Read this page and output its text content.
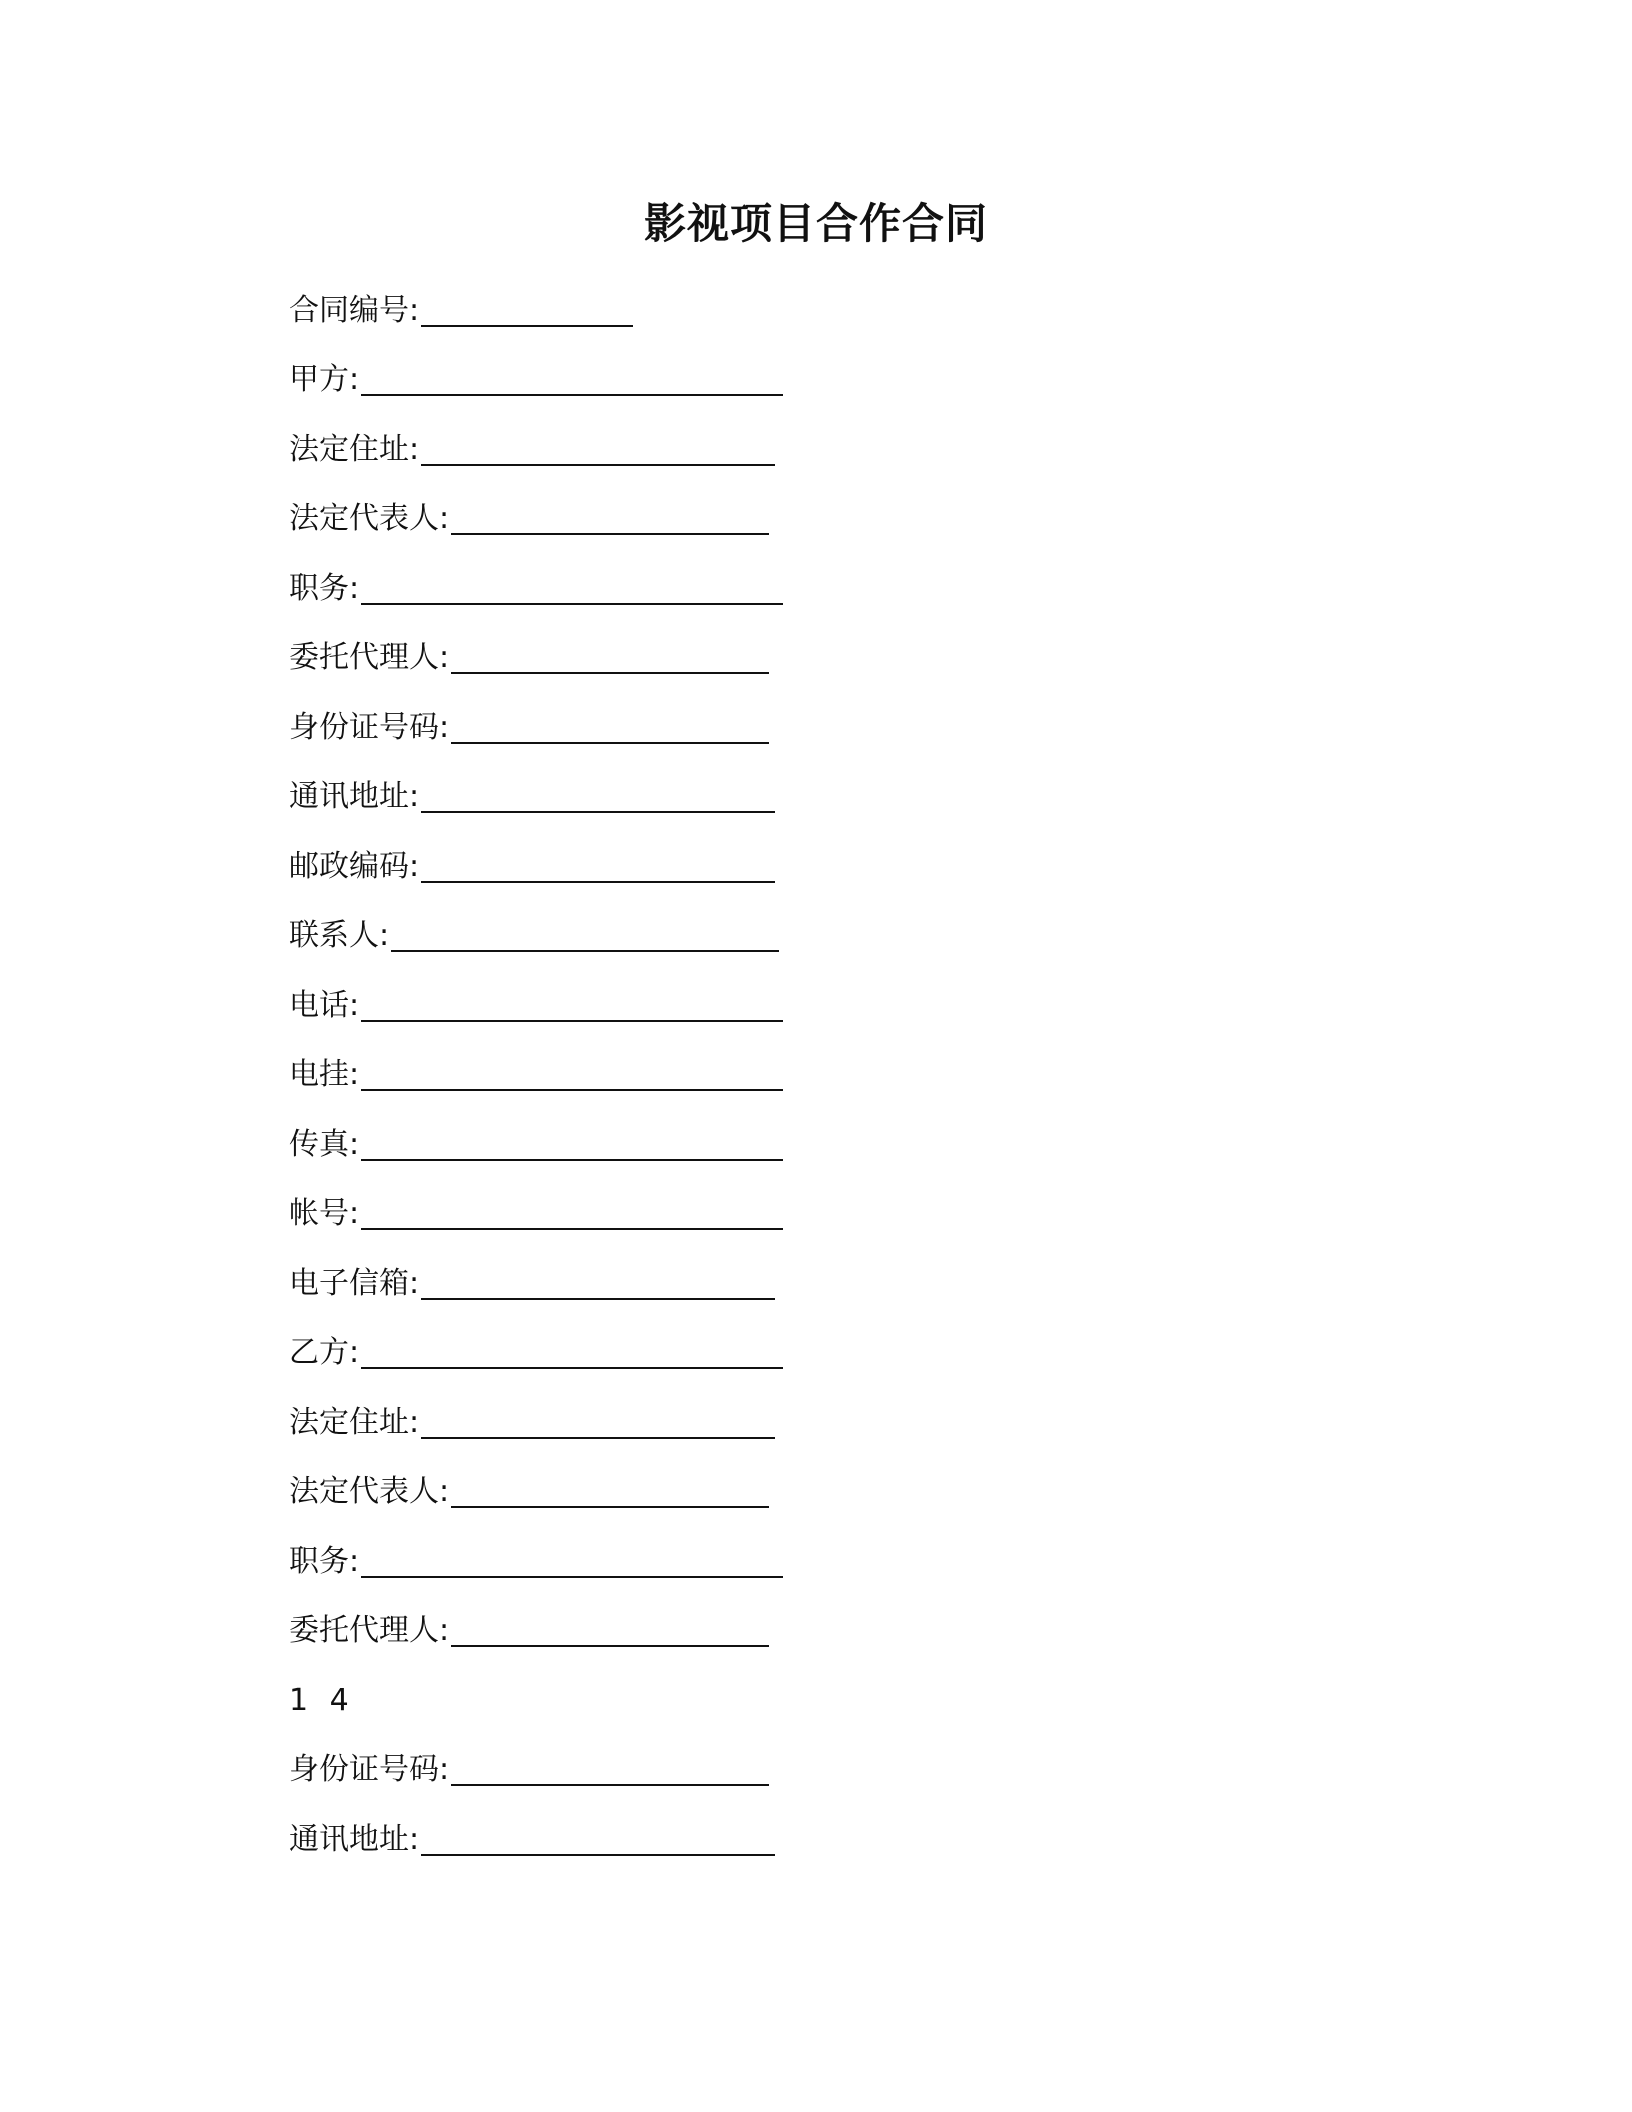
影视项目合作合同
合同编号:
甲方:
法定住址:
法定代表人:
职务:
委托代理人:
身份证号码:
通讯地址:
邮政编码:
联系人:
电话:
电挂:
传真:
帐号:
电子信箱:
乙方:
法定住址:
法定代表人:
职务:
委托代理人:
1 4
身份证号码:
通讯地址:
